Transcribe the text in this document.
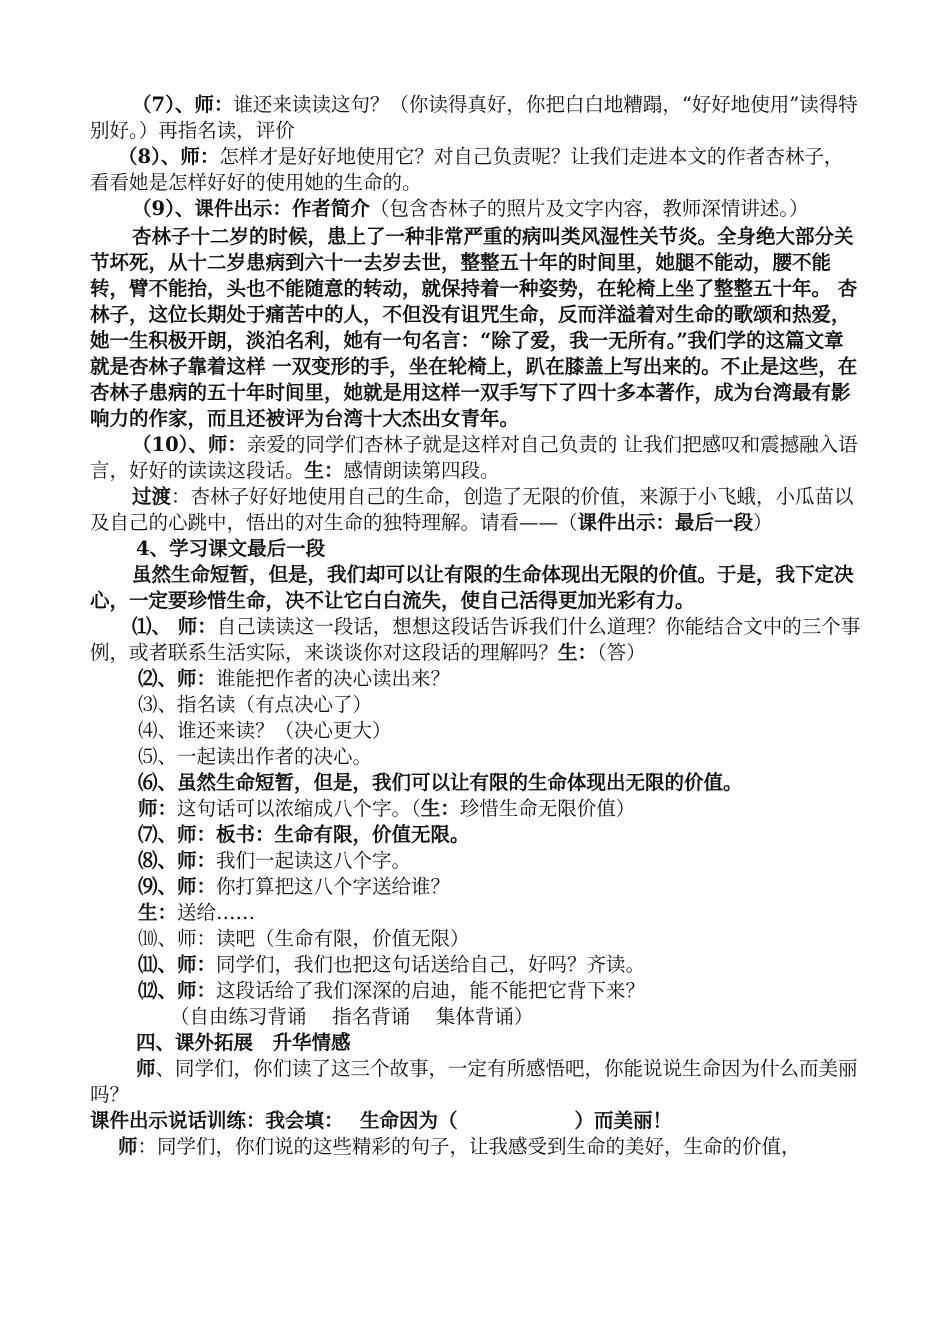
（7）、师：谁还来读读这句？（你读得真好，你把白白地糟蹋，“好好地使用”读得特别好。）再指名读，评价

（8）、师：怎样才是好好地使用它？对自己负责呢？让我们走进本文的作者杏林子，看看她是怎样好好的使用她的生命的。

（9）、课件出示：作者简介（包含杏林子的照片及文字内容，教师深情讲述。）

杏林子十二岁的时候，患上了一种非常严重的病叫类风湿性关节炎。全身绝大部分关节坏死，从十二岁患病到六十一去岁去世，整整五十年的时间里，她腿不能动，腰不能转，臂不能抬，头也不能随意的转动，就保持着一种姿势，在轮椅上坐了整整五十年。 杏林子，这位长期处于痛苦中的人，不但没有诅咒生命，反而洋溢着对生命的歌颂和热爱，她一生积极开朗，淡泊名利，她有一句名言：“除了爱，我一无所有。”我们学的这篇文章就是杏林子靠着这样 一双变形的手，坐在轮椅上，趴在膝盖上写出来的。不止是这些，在杏林子患病的五十年时间里，她就是用这样一双手写下了四十多本著作，成为台湾最有影响力的作家，而且还被评为台湾十大杰出女青年。

（10）、师：亲爱的同学们杏林子就是这样对自己负责的 让我们把感叹和震撼融入语言，好好的读读这段话。生：感情朗读第四段。

过渡：杏林子好好地使用自己的生命，创造了无限的价值，来源于小飞蛾，小瓜苗以及自己的心跳中，悟出的对生命的独特理解。请看——（课件出示：最后一段）

4、学习课文最后一段

虽然生命短暂，但是，我们却可以让有限的生命体现出无限的价值。于是，我下定决心，一定要珍惜生命，决不让它白白流失，使自己活得更加光彩有力。

⑴、 师：自己读读这一段话，想想这段话告诉我们什么道理？你能结合文中的三个事例，或者联系生活实际，来谈谈你对这段话的理解吗？生：（答）

⑵、师：谁能把作者的决心读出来？

⑶、指名读（有点决心了）

⑷、谁还来读？（决心更大）

⑸、一起读出作者的决心。

⑹、虽然生命短暂，但是，我们可以让有限的生命体现出无限的价值。

师：这句话可以浓缩成八个字。（生：珍惜生命无限价值）

⑺、师：板书：生命有限，价值无限。

⑻、师：我们一起读这八个字。

⑼、师：你打算把这八个字送给谁？

生：送给……

⑽、师：读吧（生命有限，价值无限）

⑾、师：同学们，我们也把这句话送给自己，好吗？齐读。

⑿、师：这段话给了我们深深的启迪，能不能把它背下来？

（自由练习背诵　 指名背诵　 集体背诵）

四、课外拓展　升华情感

师、同学们，你们读了这三个故事，一定有所感悟吧，你能说说生命因为什么而美丽吗？

课件出示说话训练：我会填：　 生命因为（　　　　　　）而美丽！

师：同学们，你们说的这些精彩的句子，让我感受到生命的美好，生命的价值，
